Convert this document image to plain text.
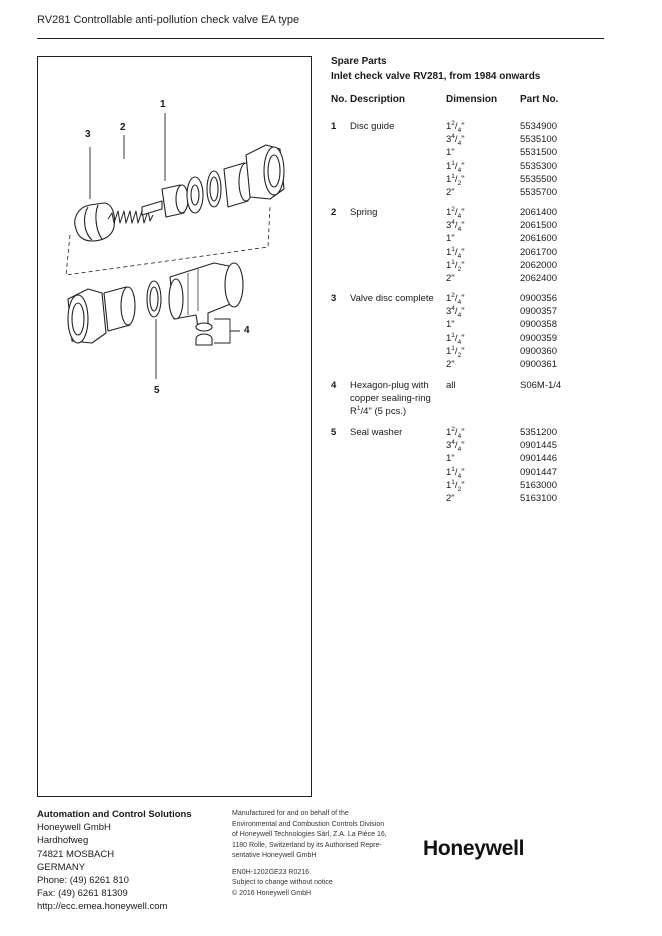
RV281 Controllable anti-pollution check valve EA type
1
2
3
4
5
Spare Parts
Inlet check valve RV281, from 1984 onwards
No. Description	Dimension Part No.
1 Disc guide	$1^2/_4$"	5534900
$3^4/_4$"	5535100
1"	5531500
$1^1/_4$"	5535300
$1^1/_2$"	5535500
2"	5535700
2 Spring	$1^2/_4$"	2061400
$3^4/_4$"	2061500
1"	2061600
$1^1/_4$"	2061700
$1^1/_2$"	2062000
2"	2062400
3 Valve disc complete	$1^2/_4$"	0900356
$3^4/_4$"	0900357
1"	0900358
$1^1/_4$"	0900359
$1^1/_2$"	0900360
2"	0900361
4 Hexagon-plug with
copper sealing-ring
$R^1/4$" (5 pcs.)
all	S06M-1/4
5 Seal washer	$1^2/_4$"	5351200
$3^4/_4$"	0901445
1"	0901446
$1^1/_4$"	0901447
$1^1/_2$"	5163000
2"	5163100
Automation and Control Solutions
Honeywell GmbH
Hardhofweg
74821 MOSBACH
GERMANY
Phone: (49) 6261 810
Fax: (49) 6261 81309
http://ecc.emea.honeywell.com
Manufactured for and on behalf of the
Environmental and Combustion Controls Division
of Honeywell Technologies Sàrl, Z.A. La Pièce 16,
1180 Rolle, Switzerland by its Authorised Repre-
sentative Honeywell GmbH
EN0H-1202GE23 R0216
Subject to change without notice
© 2016 Honeywell GmbH
Honeywell
